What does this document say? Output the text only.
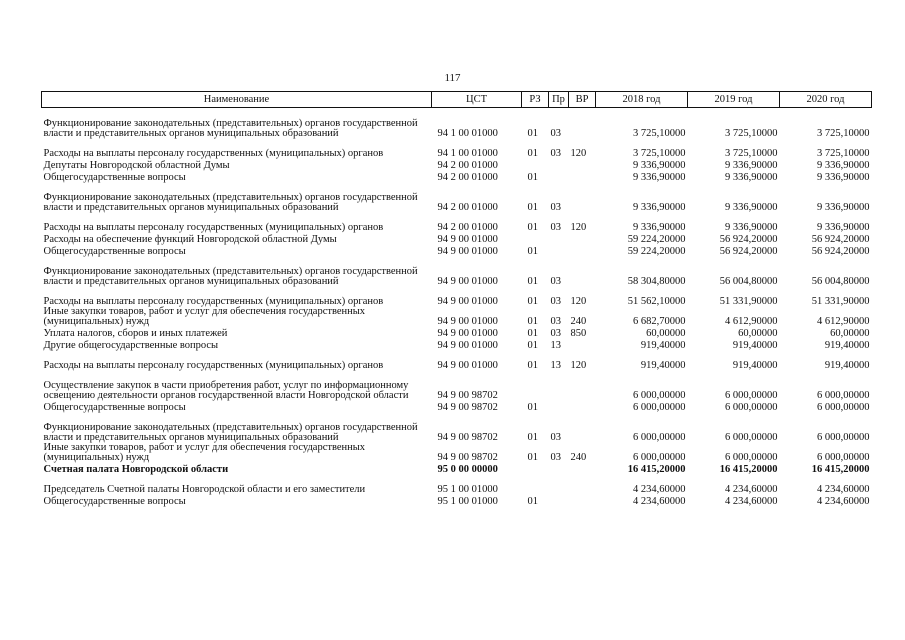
117
Наименование	ЦСТ	РЗ	Пр	ВР	2018 год	2019 год	2020 год
Функционирование законодательных (представительных) органов государственной власти и представительных органов муниципальных образований	94 1 00 01000	01	03		3 725,10000	3 725,10000	3 725,10000
Расходы на выплаты персоналу государственных (муниципальных) органов	94 1 00 01000	01	03	120	3 725,10000	3 725,10000	3 725,10000
Депутаты Новгородской областной Думы	94 2 00 01000				9 336,90000	9 336,90000	9 336,90000
Общегосударственные вопросы	94 2 00 01000	01			9 336,90000	9 336,90000	9 336,90000
Функционирование законодательных (представительных) органов государственной власти и представительных органов муниципальных образований	94 2 00 01000	01	03		9 336,90000	9 336,90000	9 336,90000
Расходы на выплаты персоналу государственных (муниципальных) органов	94 2 00 01000	01	03	120	9 336,90000	9 336,90000	9 336,90000
Расходы на обеспечение функций Новгородской областной Думы	94 9 00 01000				59 224,20000	56 924,20000	56 924,20000
Общегосударственные вопросы	94 9 00 01000	01			59 224,20000	56 924,20000	56 924,20000
Функционирование законодательных (представительных) органов государственной власти и представительных органов муниципальных образований	94 9 00 01000	01	03		58 304,80000	56 004,80000	56 004,80000
Расходы на выплаты персоналу государственных (муниципальных) органов	94 9 00 01000	01	03	120	51 562,10000	51 331,90000	51 331,90000
Иные закупки товаров, работ и услуг для обеспечения государственных (муниципальных) нужд	94 9 00 01000	01	03	240	6 682,70000	4 612,90000	4 612,90000
Уплата налогов, сборов и иных платежей	94 9 00 01000	01	03	850	60,00000	60,00000	60,00000
Другие общегосударственные вопросы	94 9 00 01000	01	13		919,40000	919,40000	919,40000
Расходы на выплаты персоналу государственных (муниципальных) органов	94 9 00 01000	01	13	120	919,40000	919,40000	919,40000
Осуществление закупок в части приобретения работ, услуг по информационному освещению деятельности органов государственной власти Новгородской области	94 9 00 98702				6 000,00000	6 000,00000	6 000,00000
Общегосударственные вопросы	94 9 00 98702	01			6 000,00000	6 000,00000	6 000,00000
Функционирование законодательных (представительных) органов государственной власти и представительных органов муниципальных образований	94 9 00 98702	01	03		6 000,00000	6 000,00000	6 000,00000
Иные закупки товаров, работ и услуг для обеспечения государственных (муниципальных) нужд	94 9 00 98702	01	03	240	6 000,00000	6 000,00000	6 000,00000
Счетная палата Новгородской области	95 0 00 00000				16 415,20000	16 415,20000	16 415,20000
Председатель Счетной палаты Новгородской области и его заместители	95 1 00 01000				4 234,60000	4 234,60000	4 234,60000
Общегосударственные вопросы	95 1 00 01000	01			4 234,60000	4 234,60000	4 234,60000
